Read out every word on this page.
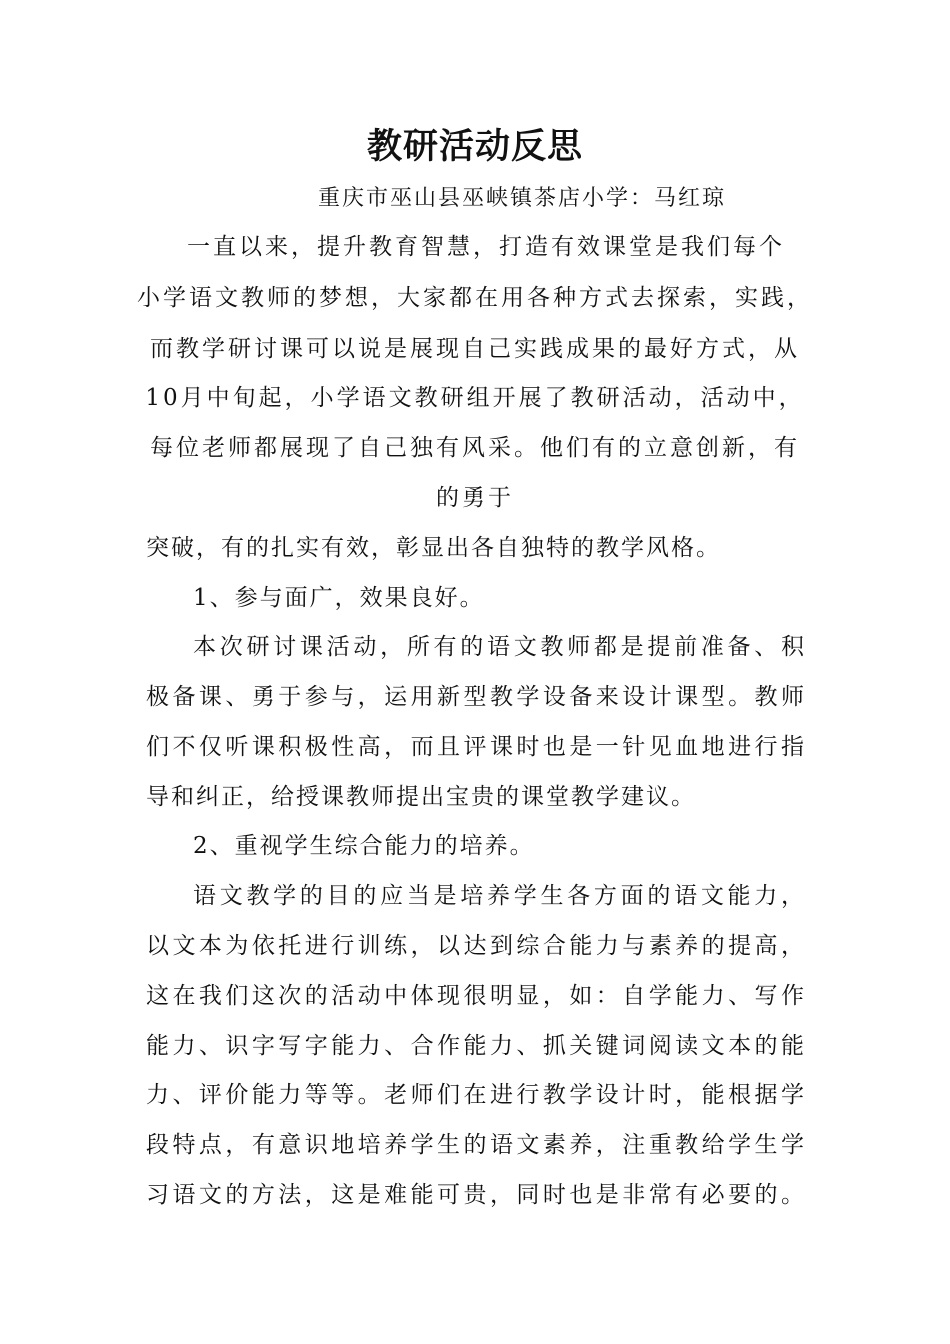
教研活动反思
重庆市巫山县巫峡镇茶店小学：马红琼
一直以来，提升教育智慧，打造有效课堂是我们每个
小学语文教师的梦想，大家都在用各种方式去探索，实践，
而教学研讨课可以说是展现自己实践成果的最好方式，从
10月中旬起，小学语文教研组开展了教研活动，活动中，
每位老师都展现了自己独有风采。他们有的立意创新，有
的勇于
突破，有的扎实有效，彰显出各自独特的教学风格。
1、参与面广，效果良好。
本次研讨课活动，所有的语文教师都是提前准备、积
极备课、勇于参与，运用新型教学设备来设计课型。教师
们不仅听课积极性高，而且评课时也是一针见血地进行指
导和纠正，给授课教师提出宝贵的课堂教学建议。
2、重视学生综合能力的培养。
语文教学的目的应当是培养学生各方面的语文能力，
以文本为依托进行训练，以达到综合能力与素养的提高，
这在我们这次的活动中体现很明显，如：自学能力、写作
能力、识字写字能力、合作能力、抓关键词阅读文本的能
力、评价能力等等。老师们在进行教学设计时，能根据学
段特点，有意识地培养学生的语文素养，注重教给学生学
习语文的方法，这是难能可贵，同时也是非常有必要的。
